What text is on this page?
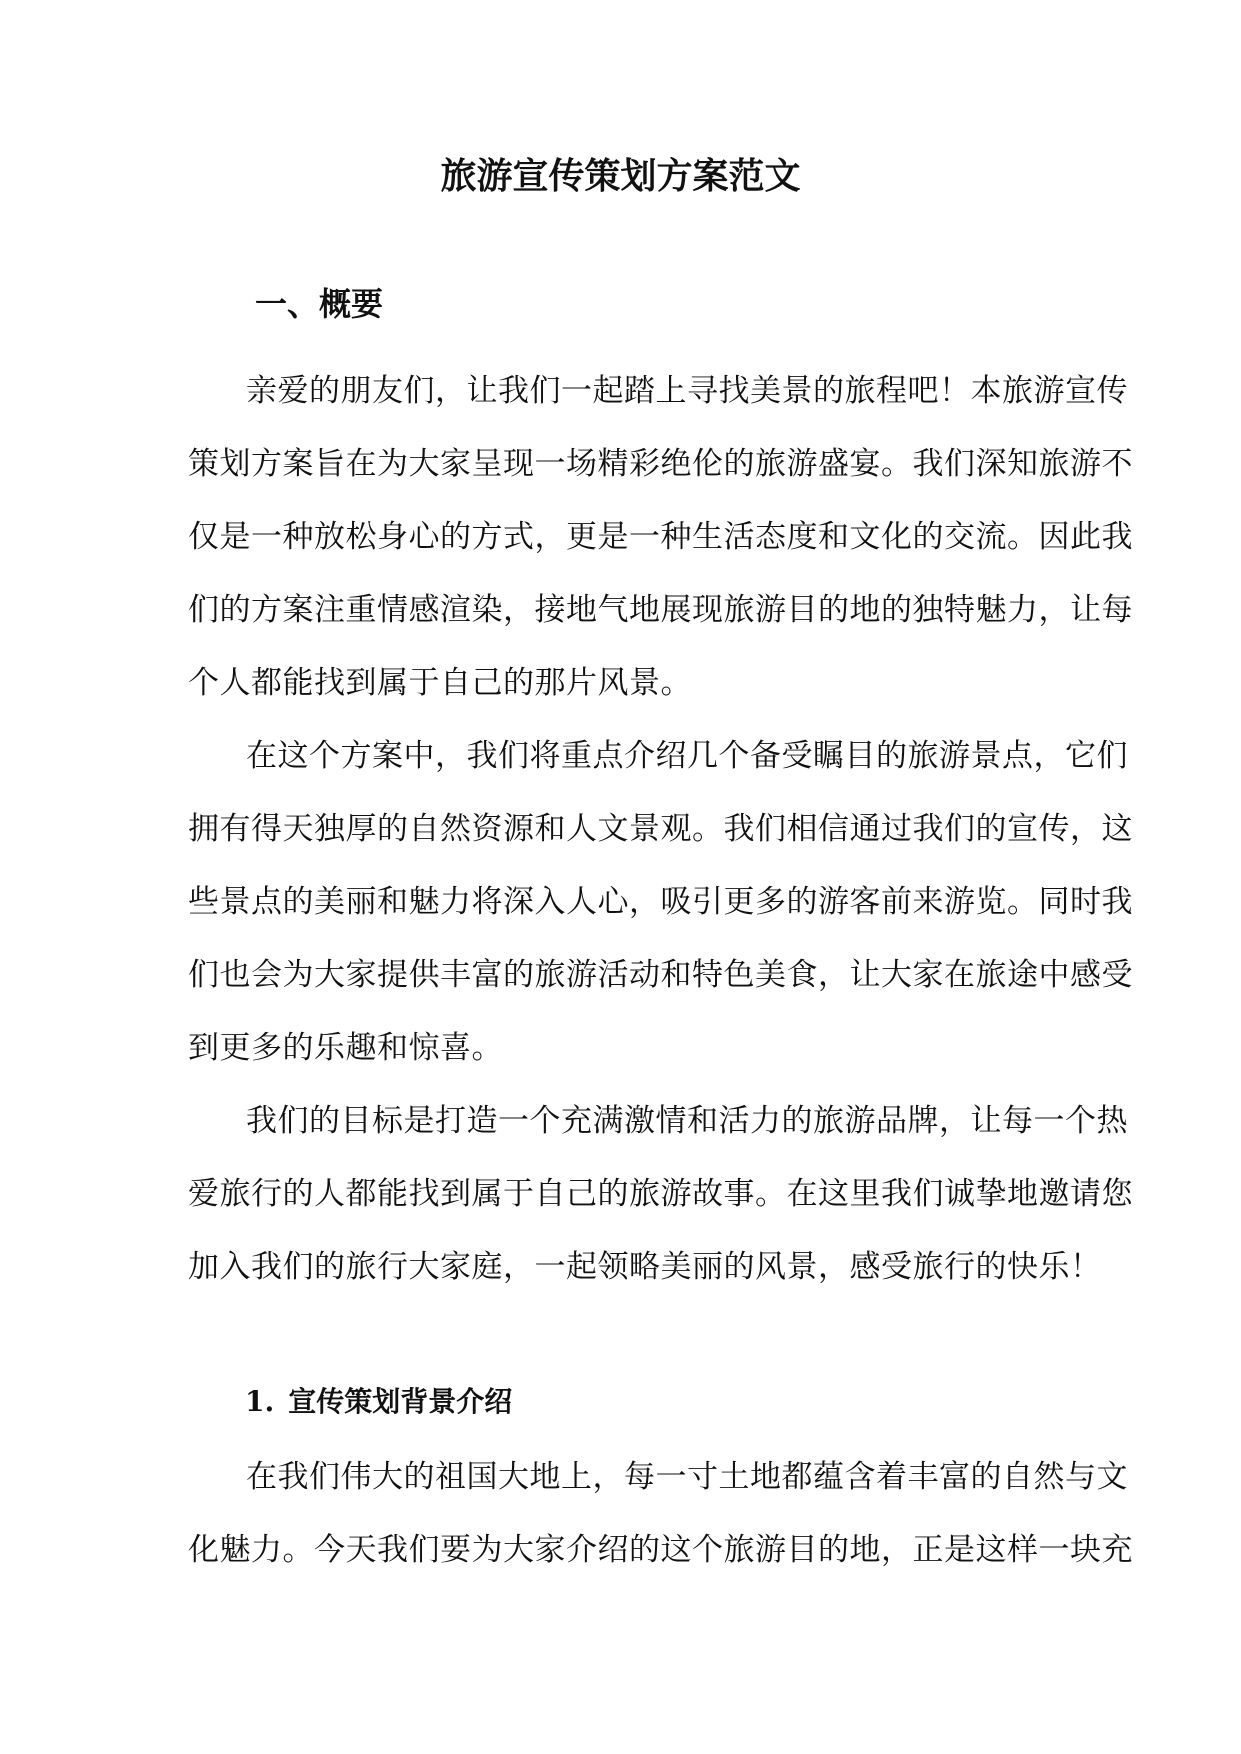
旅游宣传策划方案范文
一、概要
亲爱的朋友们，让我们一起踏上寻找美景的旅程吧！本旅游宣传
策划方案旨在为大家呈现一场精彩绝伦的旅游盛宴。我们深知旅游不
仅是一种放松身心的方式，更是一种生活态度和文化的交流。因此我
们的方案注重情感渲染，接地气地展现旅游目的地的独特魅力，让每
个人都能找到属于自己的那片风景。
在这个方案中，我们将重点介绍几个备受瞩目的旅游景点，它们
拥有得天独厚的自然资源和人文景观。我们相信通过我们的宣传，这
些景点的美丽和魅力将深入人心，吸引更多的游客前来游览。同时我
们也会为大家提供丰富的旅游活动和特色美食，让大家在旅途中感受
到更多的乐趣和惊喜。
我们的目标是打造一个充满激情和活力的旅游品牌，让每一个热
爱旅行的人都能找到属于自己的旅游故事。在这里我们诚挚地邀请您
加入我们的旅行大家庭，一起领略美丽的风景，感受旅行的快乐！
1. 宣传策划背景介绍
在我们伟大的祖国大地上，每一寸土地都蕴含着丰富的自然与文
化魅力。今天我们要为大家介绍的这个旅游目的地，正是这样一块充
